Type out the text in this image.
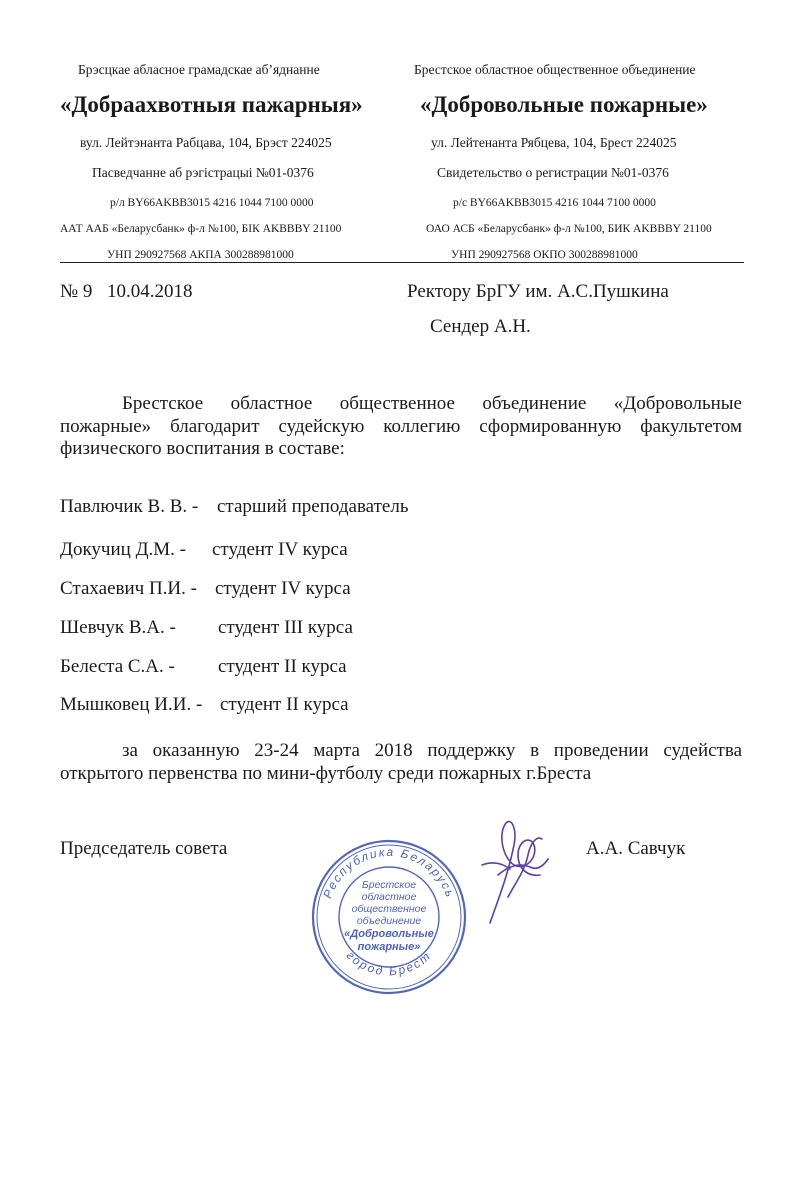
Брэсцкае абласное грамадскае аб’яднанне
«Добраахвотныя пажарныя»
вул. Лейтэнанта Рабцава, 104, Брэст 224025
Пасведчанне аб рэгістрацыі №01-0376
р/л BY66AKBB3015 4216 1044 7100 0000
ААТ ААБ «Беларусбанк» ф-л №100, БІК AKBBBY 21100
УНП 290927568 АКПА 300288981000
Брестское областное общественное объединение
«Добровольные пожарные»
ул. Лейтенанта Рябцева, 104, Брест 224025
Свидетельство о регистрации №01-0376
р/с BY66AKBB3015 4216 1044 7100 0000
ОАО АСБ «Беларусбанк» ф-л №100, БИК AKBBBY 21100
УНП 290927568 ОКПО 300288981000
№ 9 10.04.2018	Ректору БрГУ им. А.С.Пушкина
Сендер А.Н.
Брестское областное общественное объединение «Добровольные
пожарные» благодарит судейскую коллегию сформированную факультетом
физического воспитания в составе:
Павлючик В. В. - старший преподаватель
Докучиц Д.М. - студент IV курса
Стахаевич П.И. - студент IV курса
Шевчук В.А. - студент III курса
Белеста С.А. - студент II курса
Мышковец И.И. - студент II курса
за оказанную 23-24 марта 2018 поддержку в проведении судейства
открытого первенства по мини-футболу среди пожарных г.Бреста
Председатель совета	А.А. Савчук
Республика Беларусь
город Брест
Брестское
областное
общественное
объединение
«Добровольные
пожарные»
